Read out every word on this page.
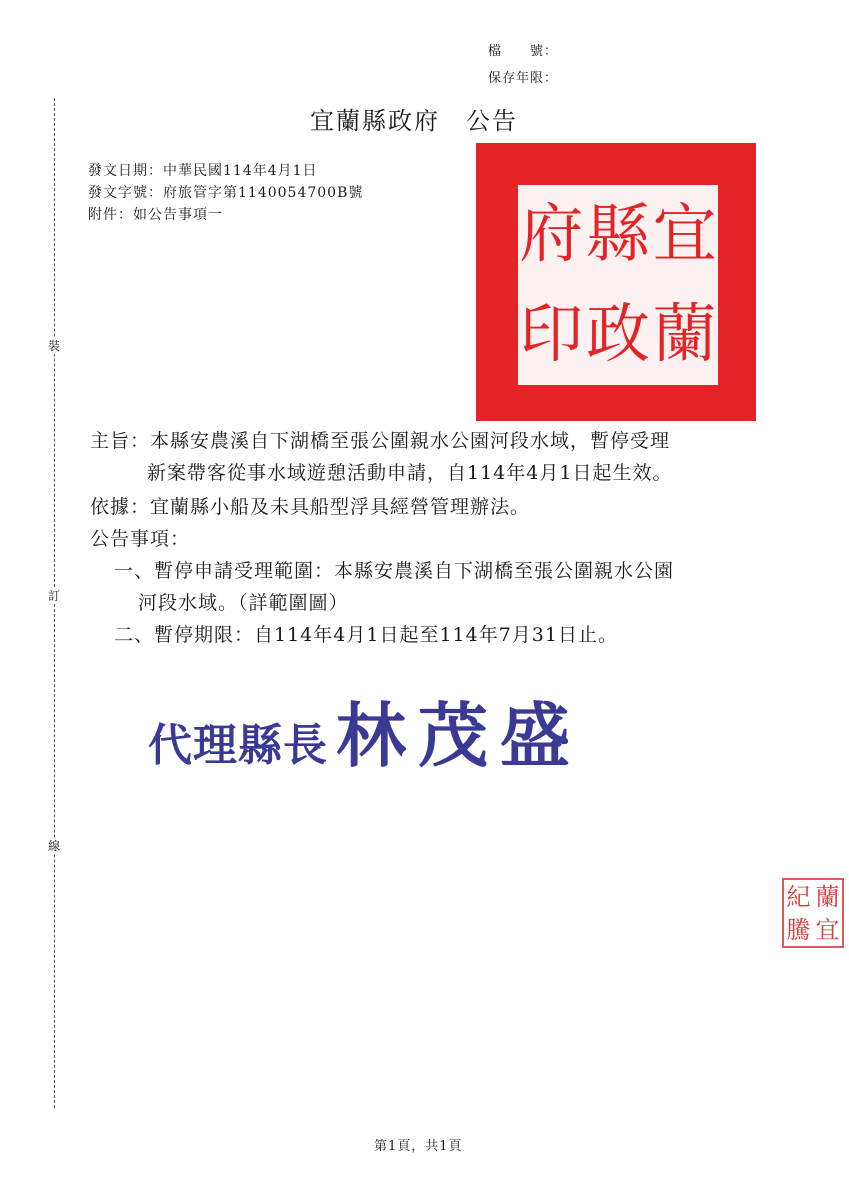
檔　　號：
保存年限：
裝
訂
線
宜蘭縣政府　公告
發文日期：中華民國114年4月1日
發文字號：府旅管字第1140054700B號
附件：如公告事項一	宜
縣
府
蘭
政
印
主旨：本縣安農溪自下湖橋至張公圍親水公園河段水域，暫停受理
新案帶客從事水域遊憩活動申請，自114年4月1日起生效。
依據：宜蘭縣小船及未具船型浮具經營管理辦法。
公告事項：
一、暫停申請受理範圍：本縣安農溪自下湖橋至張公圍親水公園
河段水域。（詳範圍圖）
二、暫停期限：自114年4月1日起至114年7月31日止。
代理縣長 林茂盛
蘭
紀
宜
騰
第1頁，共1頁
